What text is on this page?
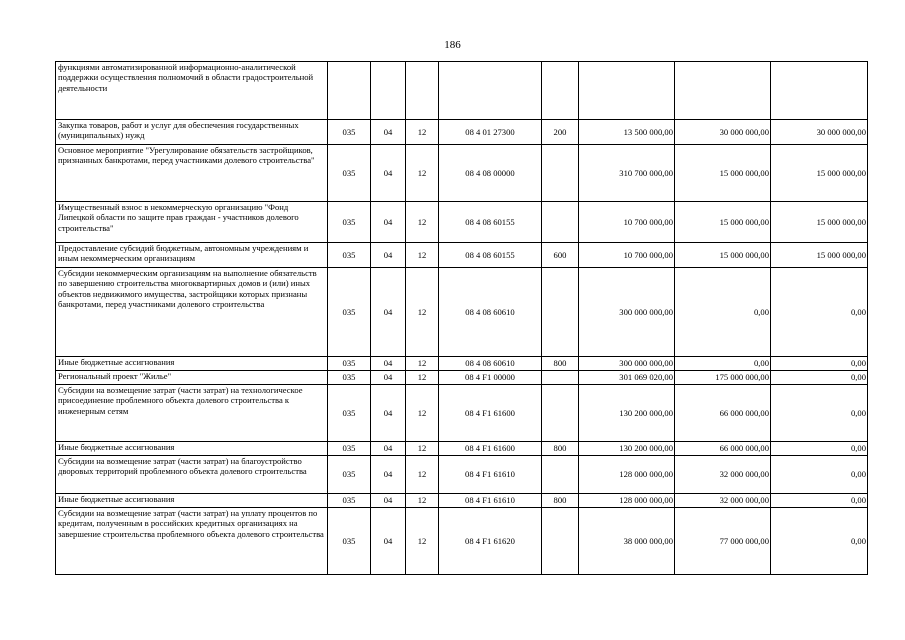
186
функциями автоматизированной информационно-аналитической поддержки осуществления полномочий в области градостроительной деятельности								
Закупка товаров, работ и услуг для обеспечения государственных (муниципальных) нужд	035	04	12	08 4 01 27300	200	13 500 000,00	30 000 000,00	30 000 000,00
Основное мероприятие "Урегулирование обязательств застройщиков, признанных банкротами, перед участниками долевого строительства"	035	04	12	08 4 08 00000		310 700 000,00	15 000 000,00	15 000 000,00
Имущественный взнос в некоммерческую организацию "Фонд Липецкой области по защите прав граждан - участников долевого строительства"	035	04	12	08 4 08 60155		10 700 000,00	15 000 000,00	15 000 000,00
Предоставление субсидий бюджетным, автономным учреждениям и иным некоммерческим организациям	035	04	12	08 4 08 60155	600	10 700 000,00	15 000 000,00	15 000 000,00
Субсидии некоммерческим организациям на выполнение обязательств по завершению строительства многоквартирных домов и (или) иных объектов недвижимого имущества, застройщики которых признаны банкротами, перед участниками долевого строительства	035	04	12	08 4 08 60610		300 000 000,00	0,00	0,00
Иные бюджетные ассигнования	035	04	12	08 4 08 60610	800	300 000 000,00	0,00	0,00
Региональный проект "Жилье"	035	04	12	08 4 F1 00000		301 069 020,00	175 000 000,00	0,00
Субсидии на возмещение затрат (части затрат) на технологическое присоединение проблемного объекта долевого строительства к инженерным сетям	035	04	12	08 4 F1 61600		130 200 000,00	66 000 000,00	0,00
Иные бюджетные ассигнования	035	04	12	08 4 F1 61600	800	130 200 000,00	66 000 000,00	0,00
Субсидии на возмещение затрат (части затрат) на благоустройство дворовых территорий проблемного объекта долевого строительства	035	04	12	08 4 F1 61610		128 000 000,00	32 000 000,00	0,00
Иные бюджетные ассигнования	035	04	12	08 4 F1 61610	800	128 000 000,00	32 000 000,00	0,00
Субсидии на возмещение затрат (части затрат) на уплату процентов по кредитам, полученным в российских кредитных организациях на завершение строительства проблемного объекта долевого строительства	035	04	12	08 4 F1 61620		38 000 000,00	77 000 000,00	0,00
